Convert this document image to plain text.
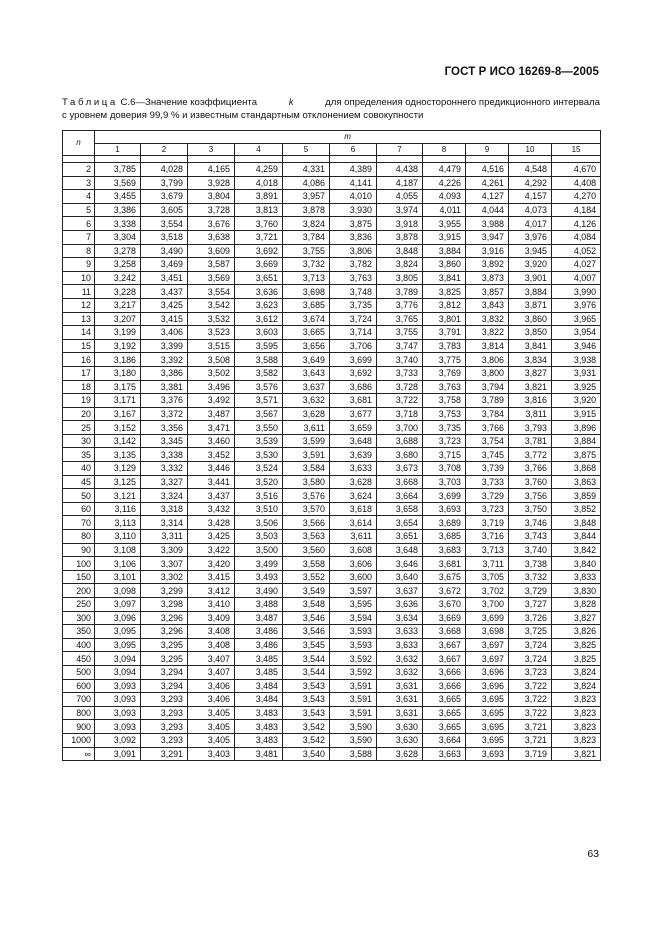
ГОСТ Р ИСО 16269-8—2005
Таблица С.6—Значение коэффициента	k	для определения одностороннего предикционного интервала
с уровнем доверия 99,9 % и известным стандартным отклонением совокупности
n	m										
	1	2	3	4	5	6	7	8	9	10	15

2	3,785	4,028	4,165	4,259	4,331	4,389	4,438	4,479	4,516	4,548	4,670
3	3,569	3,799	3,928	4,018	4,086	4,141	4,187	4,226	4,261	4,292	4,408
4	3,455	3,679	3,804	3,891	3,957	4,010	4,055	4,093	4,127	4,157	4,270
5	3,386	3,605	3,728	3,813	3,878	3,930	3,974	4,011	4,044	4,073	4,184
6	3,338	3,554	3,676	3,760	3,824	3,875	3,918	3,955	3,988	4,017	4,126
7	3,304	3,518	3,638	3,721	3,784	3,836	3,878	3,915	3,947	3,976	4,084
8	3,278	3,490	3,609	3,692	3,755	3,806	3,848	3,884	3,916	3,945	4,052
9	3,258	3,469	3,587	3,669	3,732	3,782	3,824	3,860	3,892	3,920	4,027
10	3,242	3,451	3,569	3,651	3,713	3,763	3,805	3,841	3,873	3,901	4,007
11	3,228	3,437	3,554	3,636	3,698	3,748	3,789	3,825	3,857	3,884	3,990
12	3,217	3,425	3,542	3,623	3,685	3,735	3,776	3,812	3,843	3,871	3,976
13	3,207	3,415	3,532	3,612	3,674	3,724	3,765	3,801	3,832	3,860	3,965
14	3,199	3,406	3,523	3,603	3,665	3,714	3,755	3,791	3,822	3,850	3,954
15	3,192	3,399	3,515	3,595	3,656	3,706	3,747	3,783	3,814	3,841	3,946
16	3,186	3,392	3,508	3,588	3,649	3,699	3,740	3,775	3,806	3,834	3,938
17	3,180	3,386	3,502	3,582	3,643	3,692	3,733	3,769	3,800	3,827	3,931
18	3,175	3,381	3,496	3,576	3,637	3,686	3,728	3,763	3,794	3,821	3,925
19	3,171	3,376	3,492	3,571	3,632	3,681	3,722	3,758	3,789	3,816	3,920
20	3,167	3,372	3,487	3,567	3,628	3,677	3,718	3,753	3,784	3,811	3,915
25	3,152	3,356	3,471	3,550	3,611	3,659	3,700	3,735	3,766	3,793	3,896
30	3,142	3,345	3,460	3,539	3,599	3,648	3,688	3,723	3,754	3,781	3,884
35	3,135	3,338	3,452	3,530	3,591	3,639	3,680	3,715	3,745	3,772	3,875
40	3,129	3,332	3,446	3,524	3,584	3,633	3,673	3,708	3,739	3,766	3,868
45	3,125	3,327	3,441	3,520	3,580	3,628	3,668	3,703	3,733	3,760	3,863
50	3,121	3,324	3,437	3,516	3,576	3,624	3,664	3,699	3,729	3,756	3,859
60	3,116	3,318	3,432	3,510	3,570	3,618	3,658	3,693	3,723	3,750	3,852
70	3,113	3,314	3,428	3,506	3,566	3,614	3,654	3,689	3,719	3,746	3,848
80	3,110	3,311	3,425	3,503	3,563	3,611	3,651	3,685	3,716	3,743	3,844
90	3,108	3,309	3,422	3,500	3,560	3,608	3,648	3,683	3,713	3,740	3,842
100	3,106	3,307	3,420	3,499	3,558	3,606	3,646	3,681	3,711	3,738	3,840
150	3,101	3,302	3,415	3,493	3,552	3,600	3,640	3,675	3,705	3,732	3,833
200	3,098	3,299	3,412	3,490	3,549	3,597	3,637	3,672	3,702	3,729	3,830
250	3,097	3,298	3,410	3,488	3,548	3,595	3,636	3,670	3,700	3,727	3,828
300	3,096	3,296	3,409	3,487	3,546	3,594	3,634	3,669	3,699	3,726	3,827
350	3,095	3,296	3,408	3,486	3,546	3,593	3,633	3,668	3,698	3,725	3,826
400	3,095	3,295	3,408	3,486	3,545	3,593	3,633	3,667	3,697	3,724	3,825
450	3,094	3,295	3,407	3,485	3,544	3,592	3,632	3,667	3,697	3,724	3,825
500	3,094	3,294	3,407	3,485	3,544	3,592	3,632	3,666	3,696	3,723	3,824
600	3,093	3,294	3,406	3,484	3,543	3,591	3,631	3,666	3,696	3,722	3,824
700	3,093	3,293	3,406	3,484	3,543	3,591	3,631	3,665	3,695	3,722	3,823
800	3,093	3,293	3,405	3,483	3,543	3,591	3,631	3,665	3,695	3,722	3,823
900	3,093	3,293	3,405	3,483	3,542	3,590	3,630	3,665	3,695	3,721	3,823
1000	3,092	3,293	3,405	3,483	3,542	3,590	3,630	3,664	3,695	3,721	3,823
∞	3,091	3,291	3,403	3,481	3,540	3,588	3,628	3,663	3,693	3,719	3,821
63
